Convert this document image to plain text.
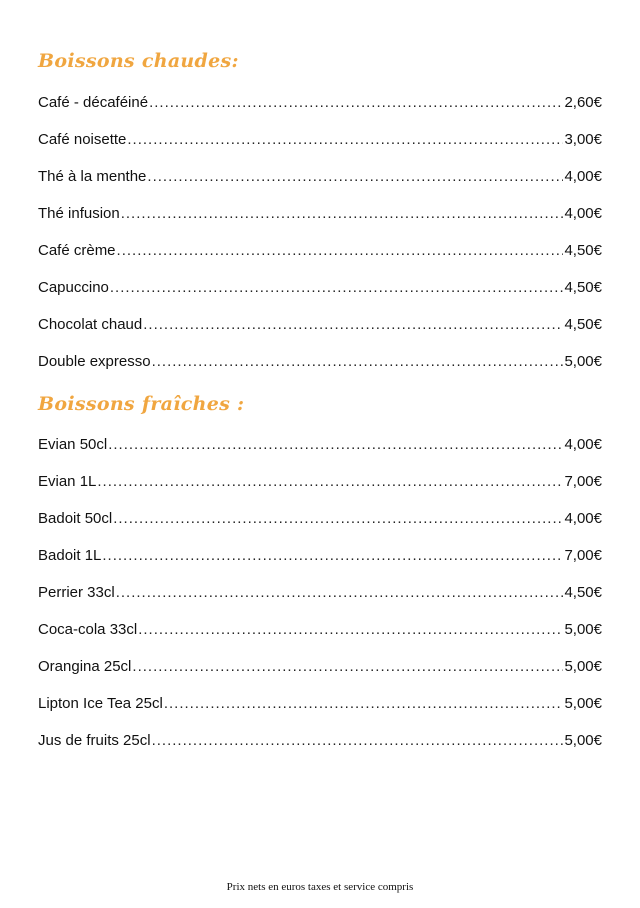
Boissons chaudes:
Café - décaféiné .....	2,60€
Café noisette .....	3,00€
Thé à la menthe .....	4,00€
Thé infusion .....	4,00€
Café crème .....	4,50€
Capuccino .....	4,50€
Chocolat chaud .....	4,50€
Double expresso .....	5,00€
Boissons fraîches :
Evian 50cl .....	4,00€
Evian 1L .....	7,00€
Badoit 50cl .....	4,00€
Badoit 1L .....	7,00€
Perrier 33cl .....	4,50€
Coca-cola 33cl .....	5,00€
Orangina 25cl .....	5,00€
Lipton Ice Tea 25cl .....	5,00€
Jus de fruits 25cl .....	5,00€
Prix nets en euros taxes et service compris
